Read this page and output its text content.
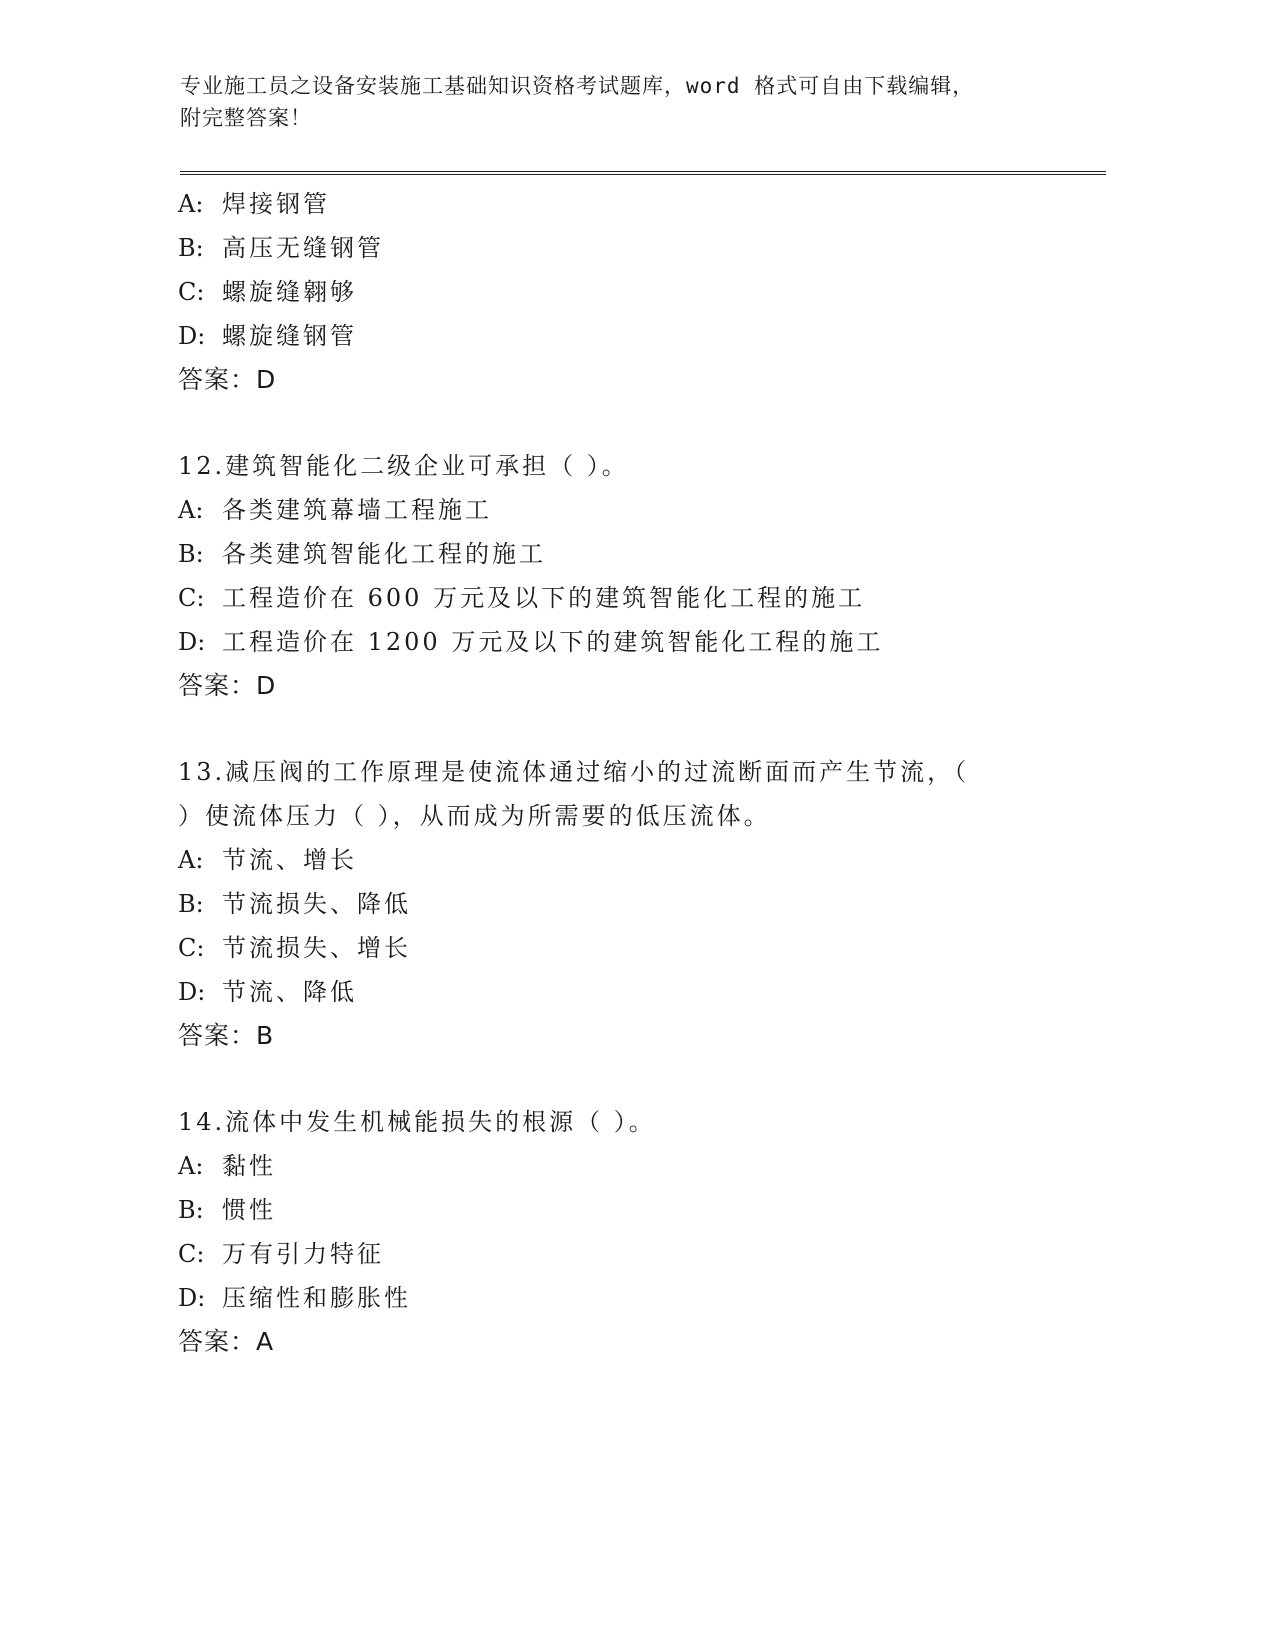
专业施工员之设备安装施工基础知识资格考试题库，word 格式可自由下载编辑，
附完整答案！
A: 焊接钢管
B: 高压无缝钢管
C: 螺旋缝翱够
D: 螺旋缝钢管
答案：D
12.建筑智能化二级企业可承担（ ）。
A: 各类建筑幕墙工程施工
B: 各类建筑智能化工程的施工
C: 工程造价在 600 万元及以下的建筑智能化工程的施工
D: 工程造价在 1200 万元及以下的建筑智能化工程的施工
答案：D
13.减压阀的工作原理是使流体通过缩小的过流断面而产生节流，（
）使流体压力（ ），从而成为所需要的低压流体。
A: 节流、增长
B: 节流损失、降低
C: 节流损失、增长
D: 节流、降低
答案：B
14.流体中发生机械能损失的根源（ ）。
A: 黏性
B: 惯性
C: 万有引力特征
D: 压缩性和膨胀性
答案：A
